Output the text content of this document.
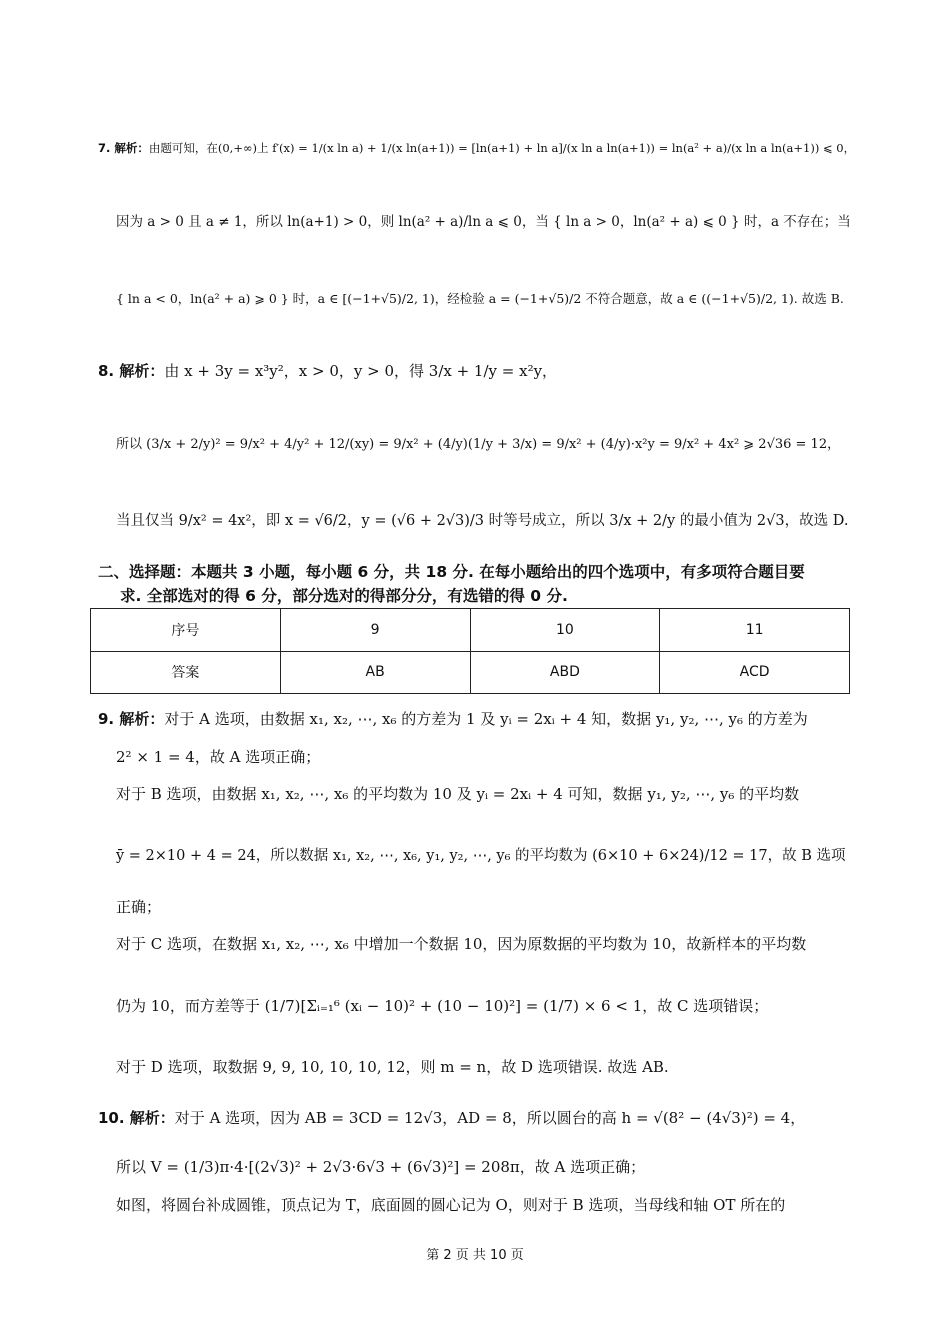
7. 解析：由题可知，在(0,+∞)上 f′(x) = 1/(x ln a) + 1/(x ln(a+1)) = [ln(a+1) + ln a]/(x ln a ln(a+1)) = ln(a² + a)/(x ln a ln(a+1)) ⩽ 0，
因为 a > 0 且 a ≠ 1，所以 ln(a+1) > 0，则 ln(a² + a)/ln a ⩽ 0，当 { ln a > 0，ln(a² + a) ⩽ 0 } 时，a 不存在；当
{ ln a < 0，ln(a² + a) ⩾ 0 } 时，a ∈ [(−1+√5)/2, 1)，经检验 a = (−1+√5)/2 不符合题意，故 a ∈ ((−1+√5)/2, 1). 故选 B.
8. 解析：由 x + 3y = x³y²，x > 0，y > 0，得 3/x + 1/y = x²y，
所以 (3/x + 2/y)² = 9/x² + 4/y² + 12/(xy) = 9/x² + (4/y)(1/y + 3/x) = 9/x² + (4/y)·x²y = 9/x² + 4x² ⩾ 2√36 = 12，
当且仅当 9/x² = 4x²，即 x = √6/2，y = (√6 + 2√3)/3 时等号成立，所以 3/x + 2/y 的最小值为 2√3，故选 D.
二、选择题：本题共 3 小题，每小题 6 分，共 18 分. 在每小题给出的四个选项中，有多项符合题目要
求. 全部选对的得 6 分，部分选对的得部分分，有选错的得 0 分.
序号	9	10	11
答案	AB	ABD	ACD
9. 解析：对于 A 选项，由数据 x₁, x₂, ⋯, x₆ 的方差为 1 及 yᵢ = 2xᵢ + 4 知，数据 y₁, y₂, ⋯, y₆ 的方差为
2² × 1 = 4，故 A 选项正确；
对于 B 选项，由数据 x₁, x₂, ⋯, x₆ 的平均数为 10 及 yᵢ = 2xᵢ + 4 可知，数据 y₁, y₂, ⋯, y₆ 的平均数
ȳ = 2×10 + 4 = 24，所以数据 x₁, x₂, ⋯, x₆, y₁, y₂, ⋯, y₆ 的平均数为 (6×10 + 6×24)/12 = 17，故 B 选项
正确；
对于 C 选项，在数据 x₁, x₂, ⋯, x₆ 中增加一个数据 10，因为原数据的平均数为 10，故新样本的平均数
仍为 10，而方差等于 (1/7)[Σᵢ₌₁⁶ (xᵢ − 10)² + (10 − 10)²] = (1/7) × 6 < 1，故 C 选项错误；
对于 D 选项，取数据 9, 9, 10, 10, 10, 12，则 m = n，故 D 选项错误. 故选 AB.
10. 解析：对于 A 选项，因为 AB = 3CD = 12√3，AD = 8，所以圆台的高 h = √(8² − (4√3)²) = 4，
所以 V = (1/3)π·4·[(2√3)² + 2√3·6√3 + (6√3)²] = 208π，故 A 选项正确；
如图，将圆台补成圆锥，顶点记为 T，底面圆的圆心记为 O，则对于 B 选项，当母线和轴 OT 所在的
第 2 页 共 10 页
